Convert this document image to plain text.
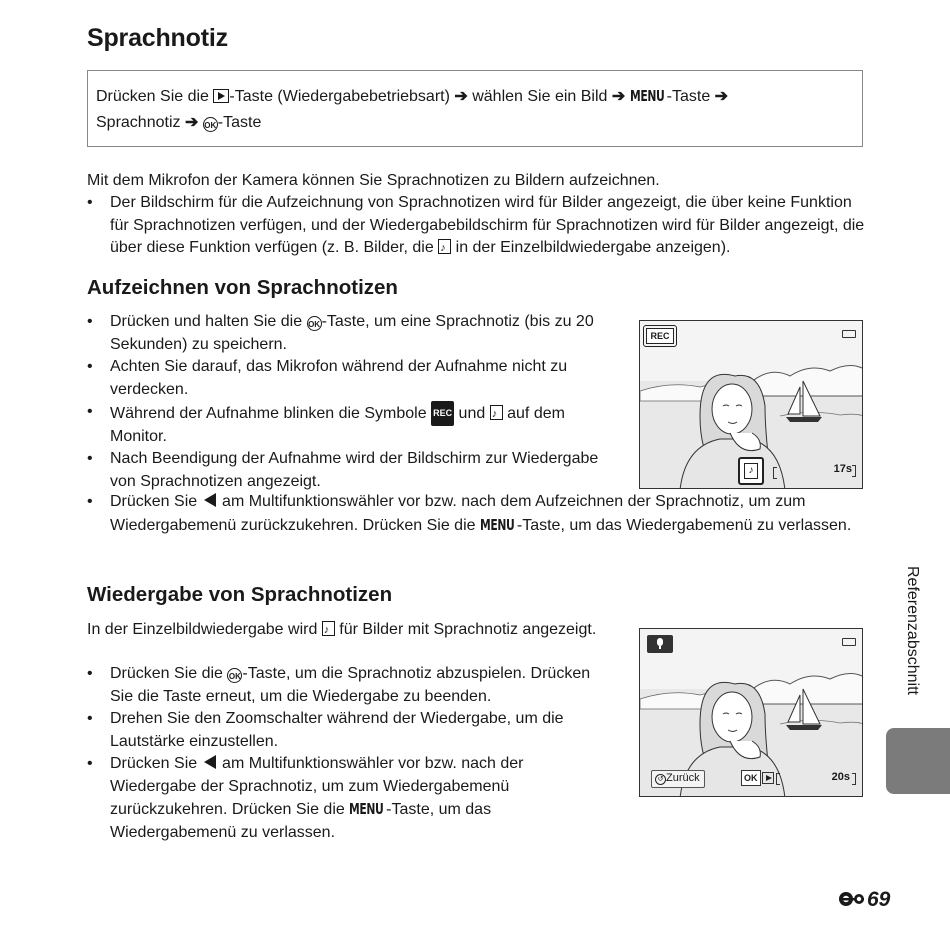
Sprachnotiz
Drücken Sie die -Taste (Wiedergabebetriebsart) ➔ wählen Sie ein Bild ➔ MENU -Taste ➔
Sprachnotiz ➔ OK-Taste

Mit dem Mikrofon der Kamera können Sie Sprachnotizen zu Bildern aufzeichnen.

• Der Bildschirm für die Aufzeichnung von Sprachnotizen wird für Bilder angezeigt, die über keine Funktion für Sprachnotizen verfügen, und der Wiedergabebildschirm für Sprachnotizen wird für Bilder angezeigt, die über diese Funktion verfügen (z. B. Bilder, die ♪ in der Einzelbildwiedergabe anzeigen).
Aufzeichnen von Sprachnotizen
• Drücken und halten Sie die OK-Taste, um eine Sprachnotiz (bis zu 20 Sekunden) zu speichern.
• Achten Sie darauf, das Mikrofon während der Aufnahme nicht zu verdecken.
• Während der Aufnahme blinken die Symbole REC und ♪ auf dem Monitor.
• Nach Beendigung der Aufnahme wird der Bildschirm zur Wiedergabe von Sprachnotizen angezeigt.
• Drücken Sie  am Multifunktionswähler vor bzw. nach dem Aufzeichnen der Sprachnotiz, um zum Wiedergabemenü zurückzukehren. Drücken Sie die MENU -Taste, um das Wiedergabemenü zu verlassen.
REC
♪	17s
Wiedergabe von Sprachnotizen

In der Einzelbildwiedergabe wird ♪ für Bilder mit Sprachnotiz angezeigt.

• Drücken Sie die OK-Taste, um die Sprachnotiz abzuspielen. Drücken Sie die Taste erneut, um die Wiedergabe zu beenden.
• Drehen Sie den Zoomschalter während der Wiedergabe, um die Lautstärke einzustellen.
• Drücken Sie  am Multifunktionswähler vor bzw. nach der Wiedergabe der Sprachnotiz, um zum Wiedergabemenü zurückzukehren. Drücken Sie die MENU -Taste, um das Wiedergabemenü zu verlassen.
↺ Zurück	OK	20s
Referenzabschnitt
69
